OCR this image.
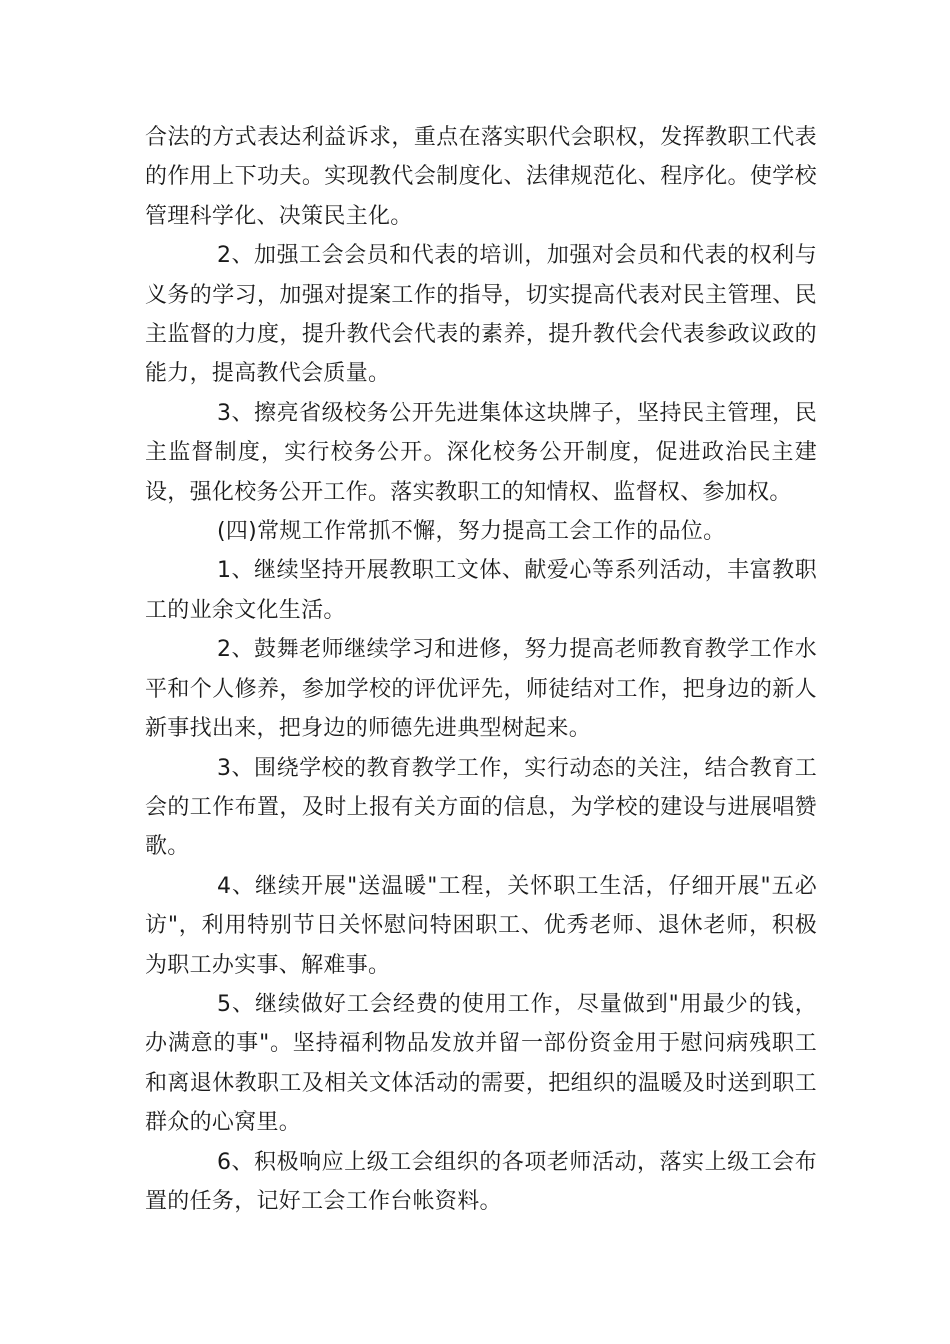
合法的方式表达利益诉求，重点在落实职代会职权，发挥教职工代表的作用上下功夫。实现教代会制度化、法律规范化、程序化。使学校管理科学化、决策民主化。

2、加强工会会员和代表的培训，加强对会员和代表的权利与义务的学习，加强对提案工作的指导，切实提高代表对民主管理、民主监督的力度，提升教代会代表的素养，提升教代会代表参政议政的能力，提高教代会质量。

3、擦亮省级校务公开先进集体这块牌子，坚持民主管理，民主监督制度，实行校务公开。深化校务公开制度，促进政治民主建设，强化校务公开工作。落实教职工的知情权、监督权、参加权。

(四)常规工作常抓不懈，努力提高工会工作的品位。

1、继续坚持开展教职工文体、献爱心等系列活动，丰富教职工的业余文化生活。

2、鼓舞老师继续学习和进修，努力提高老师教育教学工作水平和个人修养，参加学校的评优评先，师徒结对工作，把身边的新人新事找出来，把身边的师德先进典型树起来。

3、围绕学校的教育教学工作，实行动态的关注，结合教育工会的工作布置，及时上报有关方面的信息，为学校的建设与进展唱赞歌。

4、继续开展"送温暖"工程，关怀职工生活，仔细开展"五必访"，利用特别节日关怀慰问特困职工、优秀老师、退休老师，积极为职工办实事、解难事。

5、继续做好工会经费的使用工作，尽量做到"用最少的钱，办满意的事"。坚持福利物品发放并留一部份资金用于慰问病残职工和离退休教职工及相关文体活动的需要，把组织的温暖及时送到职工群众的心窝里。

6、积极响应上级工会组织的各项老师活动，落实上级工会布置的任务，记好工会工作台帐资料。
